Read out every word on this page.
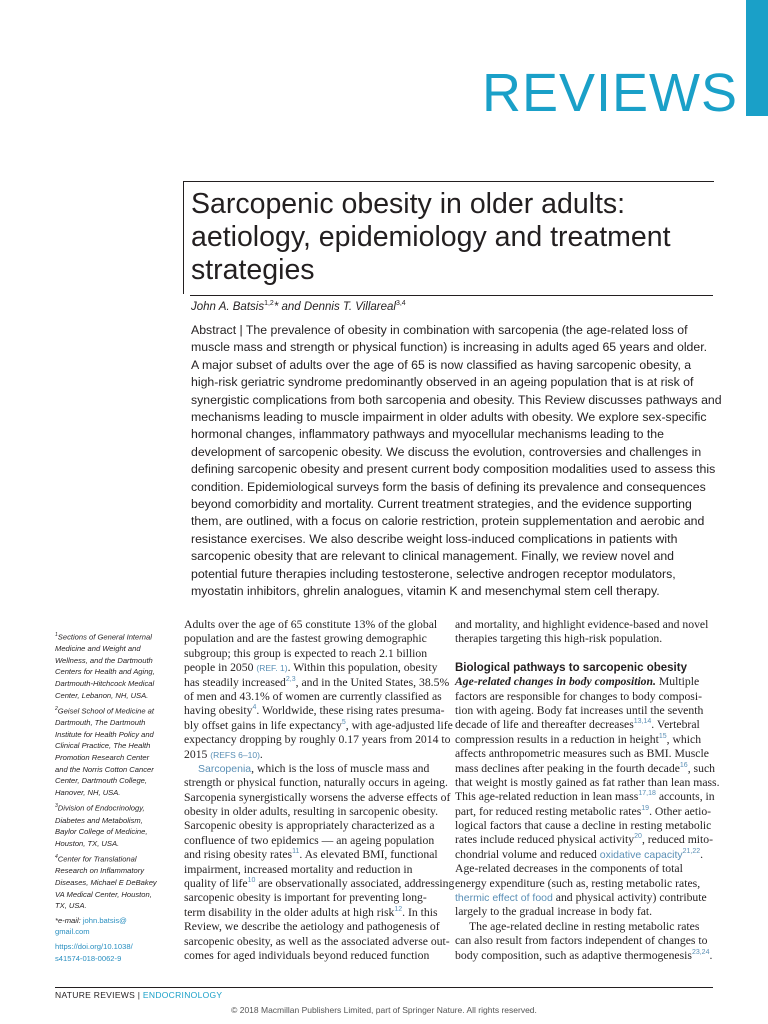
REVIEWS
Sarcopenic obesity in older adults:
aetiology, epidemiology and treatment
strategies
John A. Batsis$^{1,2}$* and Dennis T. Villareal$^{3,4}$
Abstract | The prevalence of obesity in combination with sarcopenia (the age-related loss of
muscle mass and strength or physical function) is increasing in adults aged 65 years and older.
A major subset of adults over the age of 65 is now classified as having sarcopenic obesity, a
high-risk geriatric syndrome predominantly observed in an ageing population that is at risk of
synergistic complications from both sarcopenia and obesity. This Review discusses pathways and
mechanisms leading to muscle impairment in older adults with obesity. We explore sex-specific
hormonal changes, inflammatory pathways and myocellular mechanisms leading to the
development of sarcopenic obesity. We discuss the evolution, controversies and challenges in
defining sarcopenic obesity and present current body composition modalities used to assess this
condition. Epidemiological surveys form the basis of defining its prevalence and consequences
beyond comorbidity and mortality. Current treatment strategies, and the evidence supporting
them, are outlined, with a focus on calorie restriction, protein supplementation and aerobic and
resistance exercises. We also describe weight loss-induced complications in patients with
sarcopenic obesity that are relevant to clinical management. Finally, we review novel and
potential future therapies including testosterone, selective androgen receptor modulators,
myostatin inhibitors, ghrelin analogues, vitamin K and mesenchymal stem cell therapy.
$^1$Sections of General Internal
Medicine and Weight and
Wellness, and the Dartmouth
Centers for Health and Aging,
Dartmouth-Hitchcock Medical
Center, Lebanon, NH, USA.
$^2$Geisel School of Medicine at
Dartmouth, The Dartmouth
Institute for Health Policy and
Clinical Practice, The Health
Promotion Research Center
and the Norris Cotton Cancer
Center, Dartmouth College,
Hanover, NH, USA.
$^3$Division of Endocrinology,
Diabetes and Metabolism,
Baylor College of Medicine,
Houston, TX, USA.
$^4$Center for Translational
Research on Inflammatory
Diseases, Michael E DeBakey
VA Medical Center, Houston,
TX, USA.
*e-mail: john.batsis@
gmail.com
https://doi.org/10.1038/
s41574-018-0062-9
Adults over the age of 65 constitute 13% of the global
population and are the fastest growing demographic
subgroup; this group is expected to reach 2.1 billion
people in 2050 (REF. 1). Within this population, obesity
has steadily increased$^{2,3}$, and in the United States, 38.5%
of men and 43.1% of women are currently classified as
having obesity$^4$. Worldwide, these rising rates presuma-
bly offset gains in life expectancy$^5$, with age-adjusted life
expectancy dropping by roughly 0.17 years from 2014 to
2015 (REFS 6–10).
Sarcopenia, which is the loss of muscle mass and
strength or physical function, naturally occurs in ageing.
Sarcopenia synergistically worsens the adverse effects of
obesity in older adults, resulting in sarcopenic obesity.
Sarcopenic obesity is appropriately characterized as a
confluence of two epidemics — an ageing population
and rising obesity rates$^{11}$. As elevated BMI, functional
impairment, increased mortality and reduction in
quality of life$^{10}$ are observationally associated, addressing
sarcopenic obesity is important for preventing long-
term disability in the older adults at high risk$^{12}$. In this
Review, we describe the aetiology and pathogenesis of
sarcopenic obesity, as well as the associated adverse out-
comes for aged individuals beyond reduced function
and mortality, and highlight evidence-based and novel
therapies targeting this high-risk population.
Biological pathways to sarcopenic obesity
Age-related changes in body composition. Multiple
factors are responsible for changes to body composi-
tion with ageing. Body fat increases until the seventh
decade of life and thereafter decreases$^{13,14}$. Vertebral
compression results in a reduction in height$^{15}$, which
affects anthropometric measures such as BMI. Muscle
mass declines after peaking in the fourth decade$^{16}$, such
that weight is mostly gained as fat rather than lean mass.
This age-related reduction in lean mass$^{17,18}$ accounts, in
part, for reduced resting metabolic rates$^{19}$. Other aetio-
logical factors that cause a decline in resting metabolic
rates include reduced physical activity$^{20}$, reduced mito-
chondrial volume and reduced oxidative capacity$^{21,22}$.
Age-related decreases in the components of total
energy expenditure (such as, resting metabolic rates,
thermic effect of food and physical activity) contribute
largely to the gradual increase in body fat.
The age-related decline in resting metabolic rates
can also result from factors independent of changes to
body composition, such as adaptive thermogenesis$^{23,24}$.
NATURE REVIEWS | ENDOCRINOLOGY
© 2018 Macmillan Publishers Limited, part of Springer Nature. All rights reserved.
